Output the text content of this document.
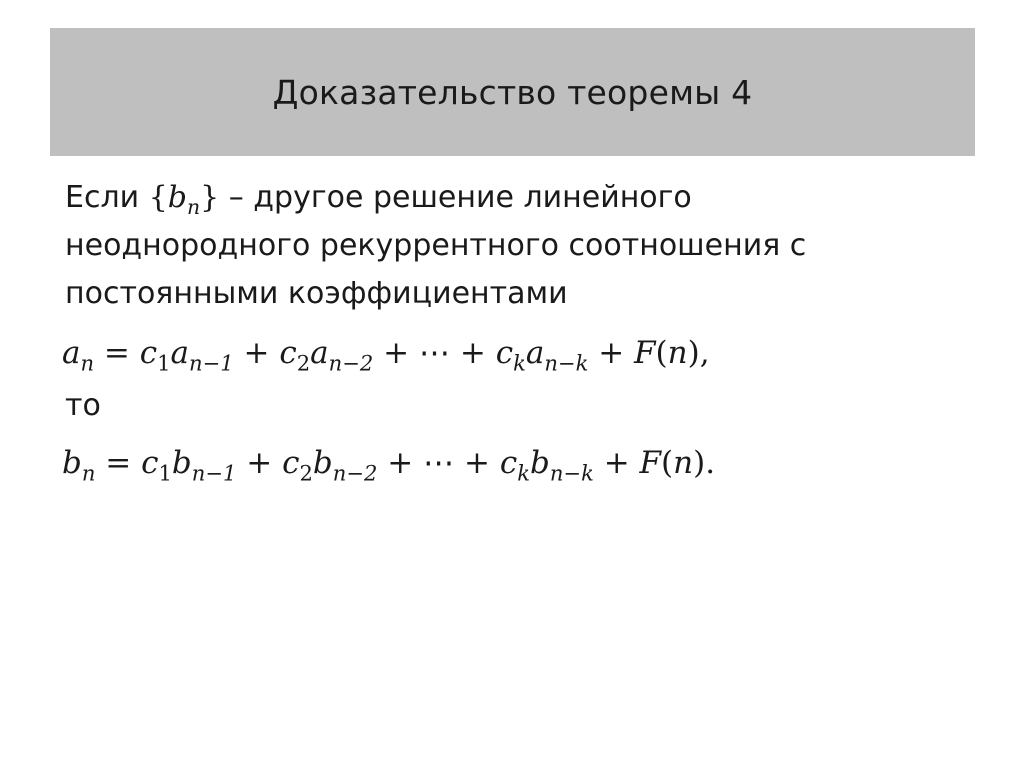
Доказательство теоремы 4
Если $\{b_n\}$ – другое решение линейного
неоднородного рекуррентного соотношения с
постоянными коэффициентами
$a_n = c_1a_{n-1} + c_2a_{n-2}$ + ⋯ + $c_ka_{n-k} + F(n)$,
то
$b_n = c_1b_{n-1} + c_2b_{n-2}$ + ⋯ + $c_kb_{n-k} + F(n)$.
